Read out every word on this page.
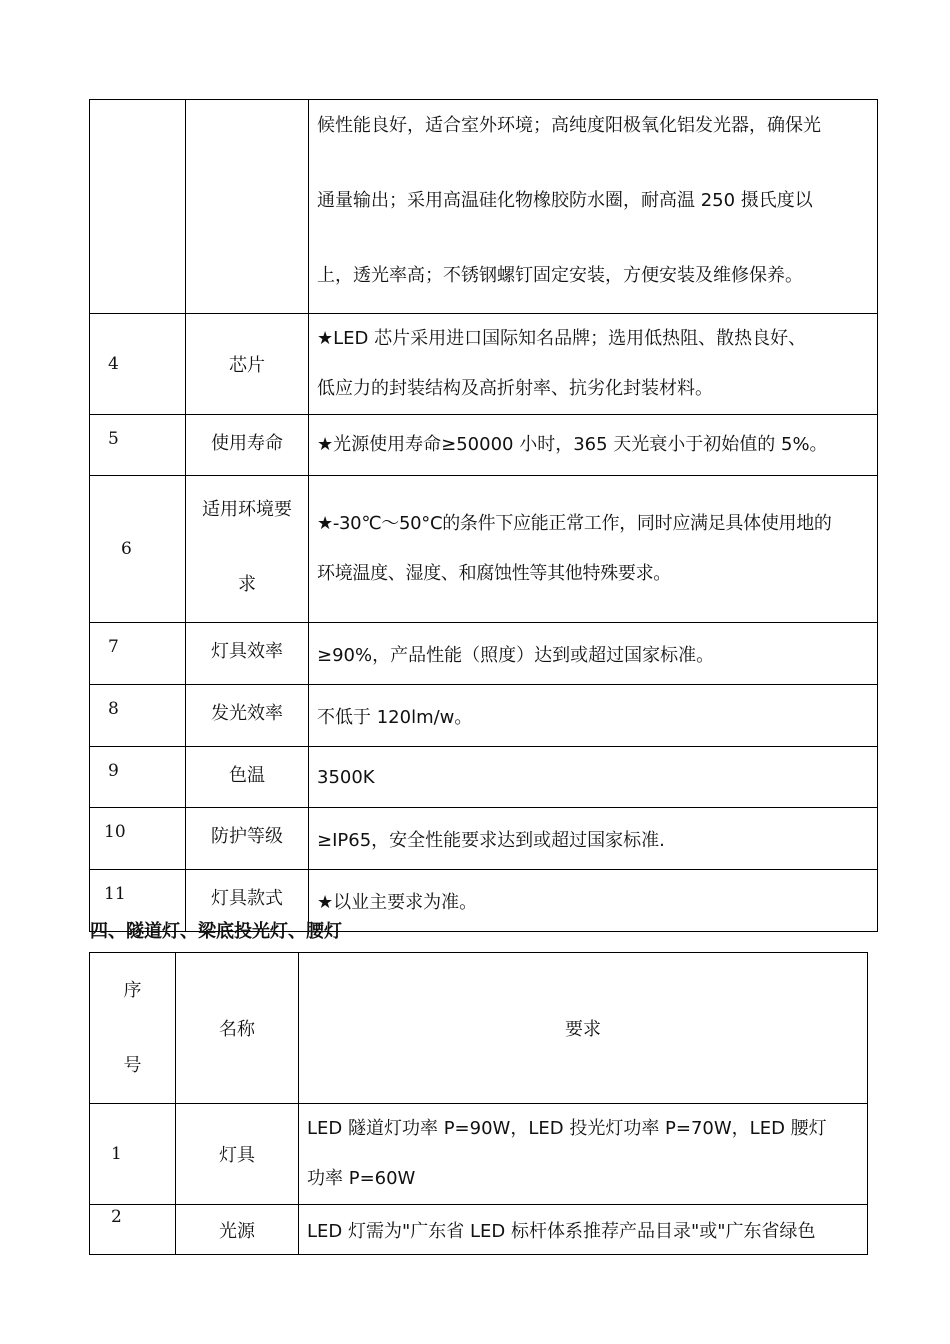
		候性能良好，适合室外环境；高纯度阳极氧化铝发光器，确保光
通量输出；采用高温硅化物橡胶防水圈，耐高温 250 摄氏度以
上，透光率高；不锈钢螺钉固定安装，方便安装及维修保养。

4	芯片	★LED 芯片采用进口国际知名品牌；选用低热阻、散热良好、
低应力的封装结构及高折射率、抗劣化封装材料。

5	使用寿命	★光源使用寿命≥50000 小时，365 天光衰小于初始值的 5%。

6	适用环境要
求	★-30℃～50°C的条件下应能正常工作，同时应满足具体使用地的
环境温度、湿度、和腐蚀性等其他特殊要求。

7	灯具效率	≥90%，产品性能（照度）达到或超过国家标准。
8	发光效率	不低于 120lm/w。
9	色温	3500K
10	防护等级	≥IP65，安全性能要求达到或超过国家标准.
11	灯具款式	★以业主要求为准。
四、隧道灯、梁底投光灯、腰灯
序
号	名称	要求
1	灯具	LED 隧道灯功率 P=90W，LED 投光灯功率 P=70W，LED 腰灯
功率 P=60W

2	光源	LED 灯需为"广东省 LED 标杆体系推荐产品目录"或"广东省绿色
